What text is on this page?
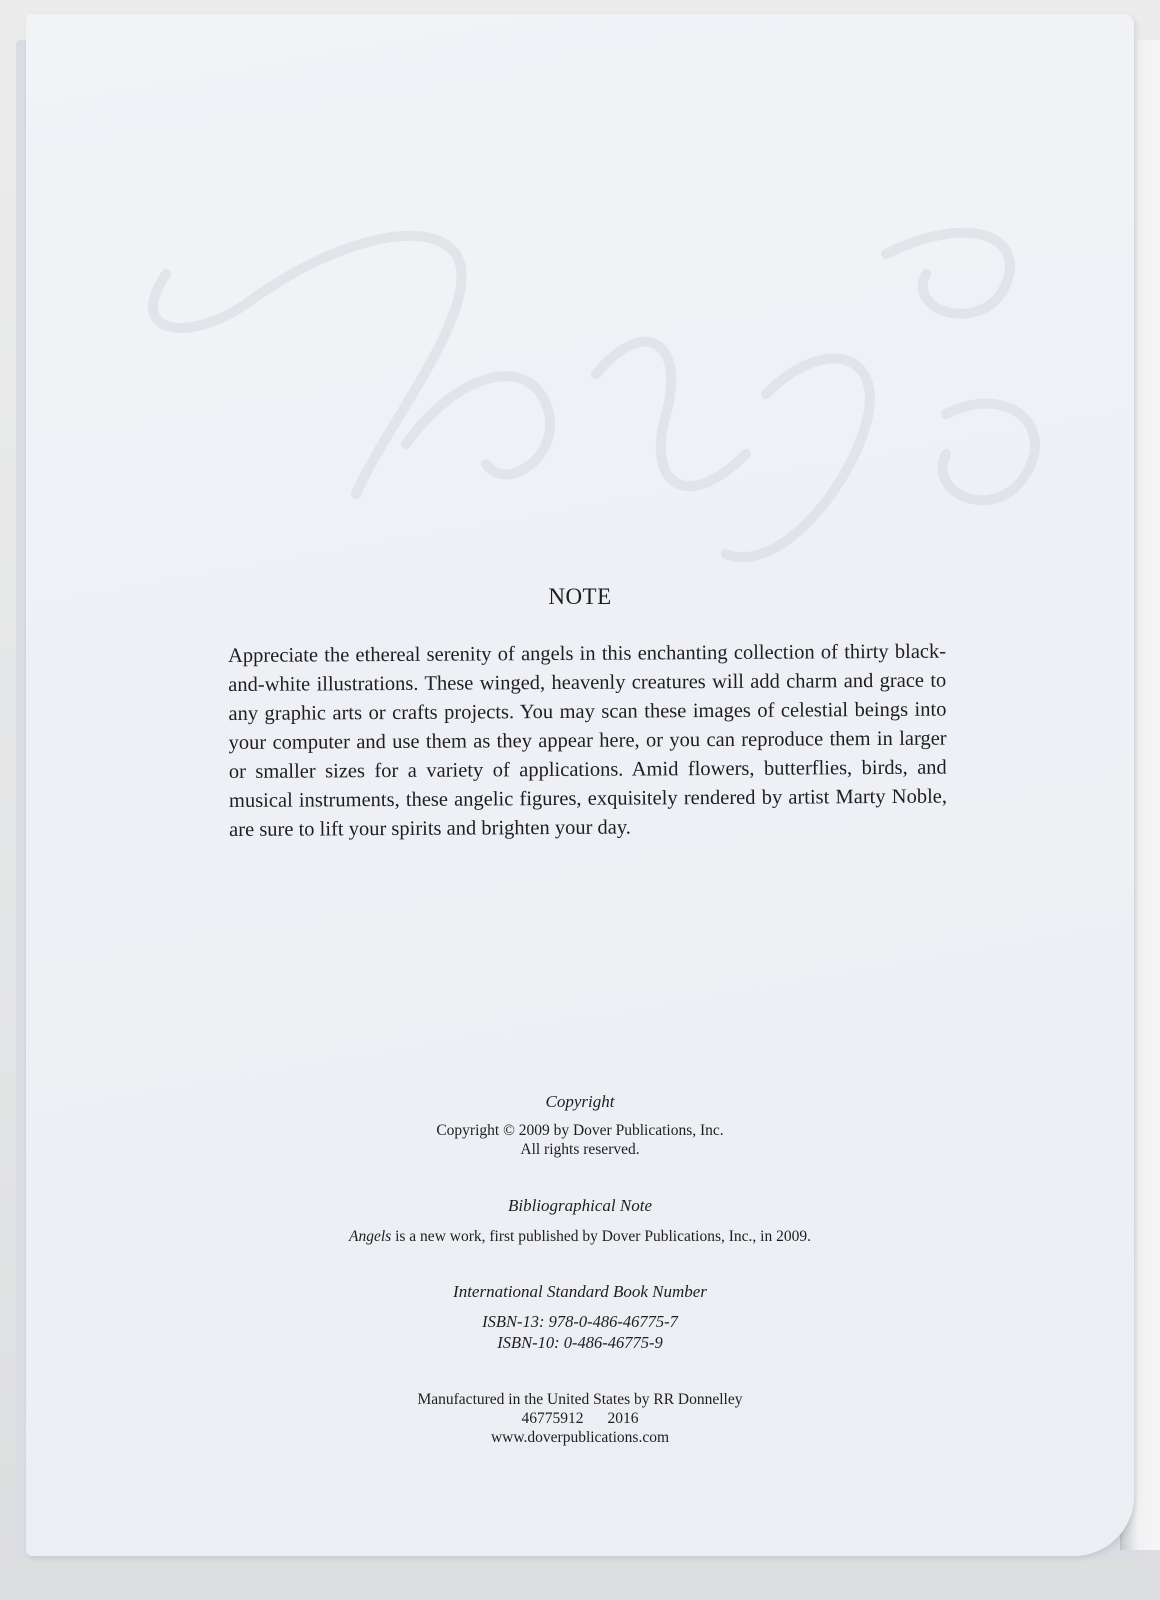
NOTE

Appreciate the ethereal serenity of angels in this enchanting collection of thirty black-and-white illustrations. These winged, heavenly creatures will add charm and grace to any graphic arts or crafts projects. You may scan these images of celestial beings into your computer and use them as they appear here, or you can reproduce them in larger or smaller sizes for a variety of applications. Amid flowers, butterflies, birds, and musical instruments, these angelic figures, exquisitely rendered by artist Marty Noble, are sure to lift your spirits and brighten your day.

Copyright
Copyright © 2009 by Dover Publications, Inc.
All rights reserved.
Bibliographical Note
Angels is a new work, first published by Dover Publications, Inc., in 2009.
International Standard Book Number
ISBN-13: 978-0-486-46775-7
ISBN-10: 0-486-46775-9
Manufactured in the United States by RR Donnelley
46775912 2016
www.doverpublications.com
